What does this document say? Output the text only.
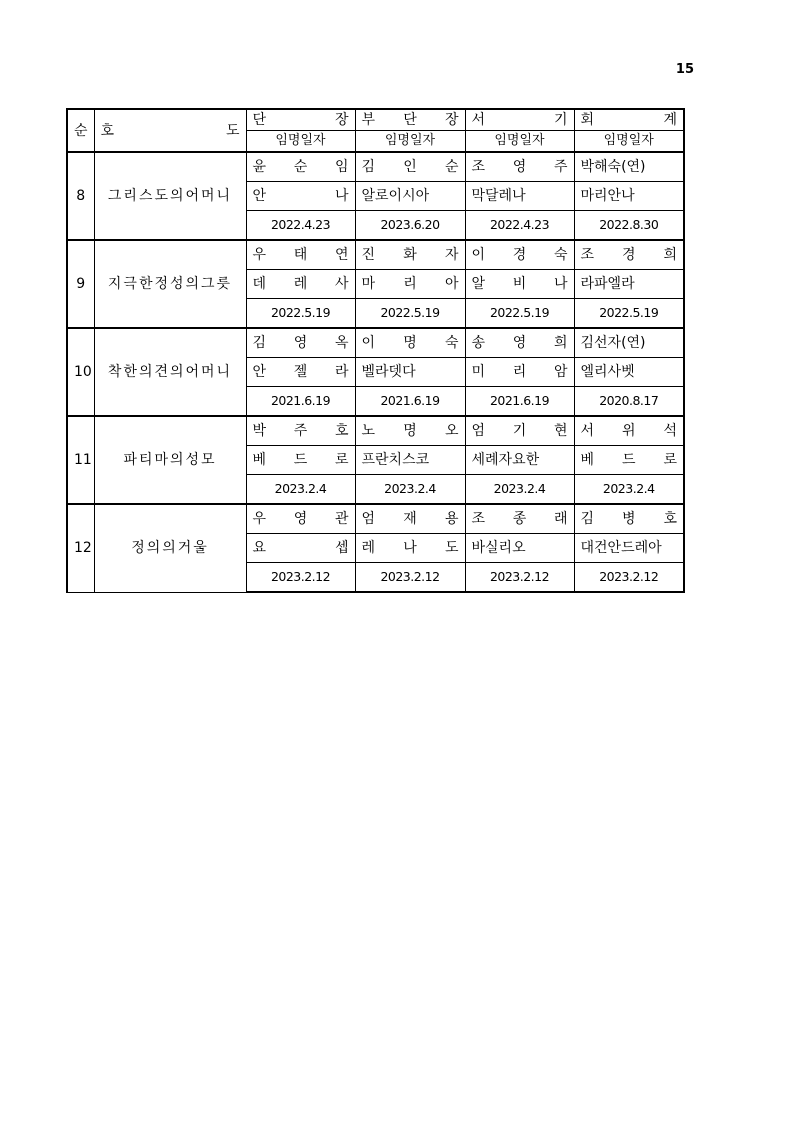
15
순	호 도	단 장	부 단 장	서 기	회 계
		임명일자	임명일자	임명일자	임명일자
8	그리스도의어머니	윤 순 임	김 인 순	조 영 주	박해숙(연)
		안 나	알로이시아	막달레나	마리안나
		2022.4.23	2023.6.20	2022.4.23	2022.8.30
9	지극한정성의그릇	우 태 연	진 화 자	이 경 숙	조 경 희
		데 레 사	마 리 아	알 비 나	라파엘라
		2022.5.19	2022.5.19	2022.5.19	2022.5.19
10	착한의견의어머니	김 영 옥	이 명 숙	송 영 희	김선자(연)
		안 젤 라	벨라뎃다	미 리 암	엘리사벳
		2021.6.19	2021.6.19	2021.6.19	2020.8.17
11	파티마의성모	박 주 호	노 명 오	엄 기 현	서 위 석
		베 드 로	프란치스코	세례자요한	베 드 로
		2023.2.4	2023.2.4	2023.2.4	2023.2.4
12	정의의거울	우 영 관	엄 재 용	조 종 래	김 병 호
		요 셉	레 나 도	바실리오	대건안드레아
		2023.2.12	2023.2.12	2023.2.12	2023.2.12
